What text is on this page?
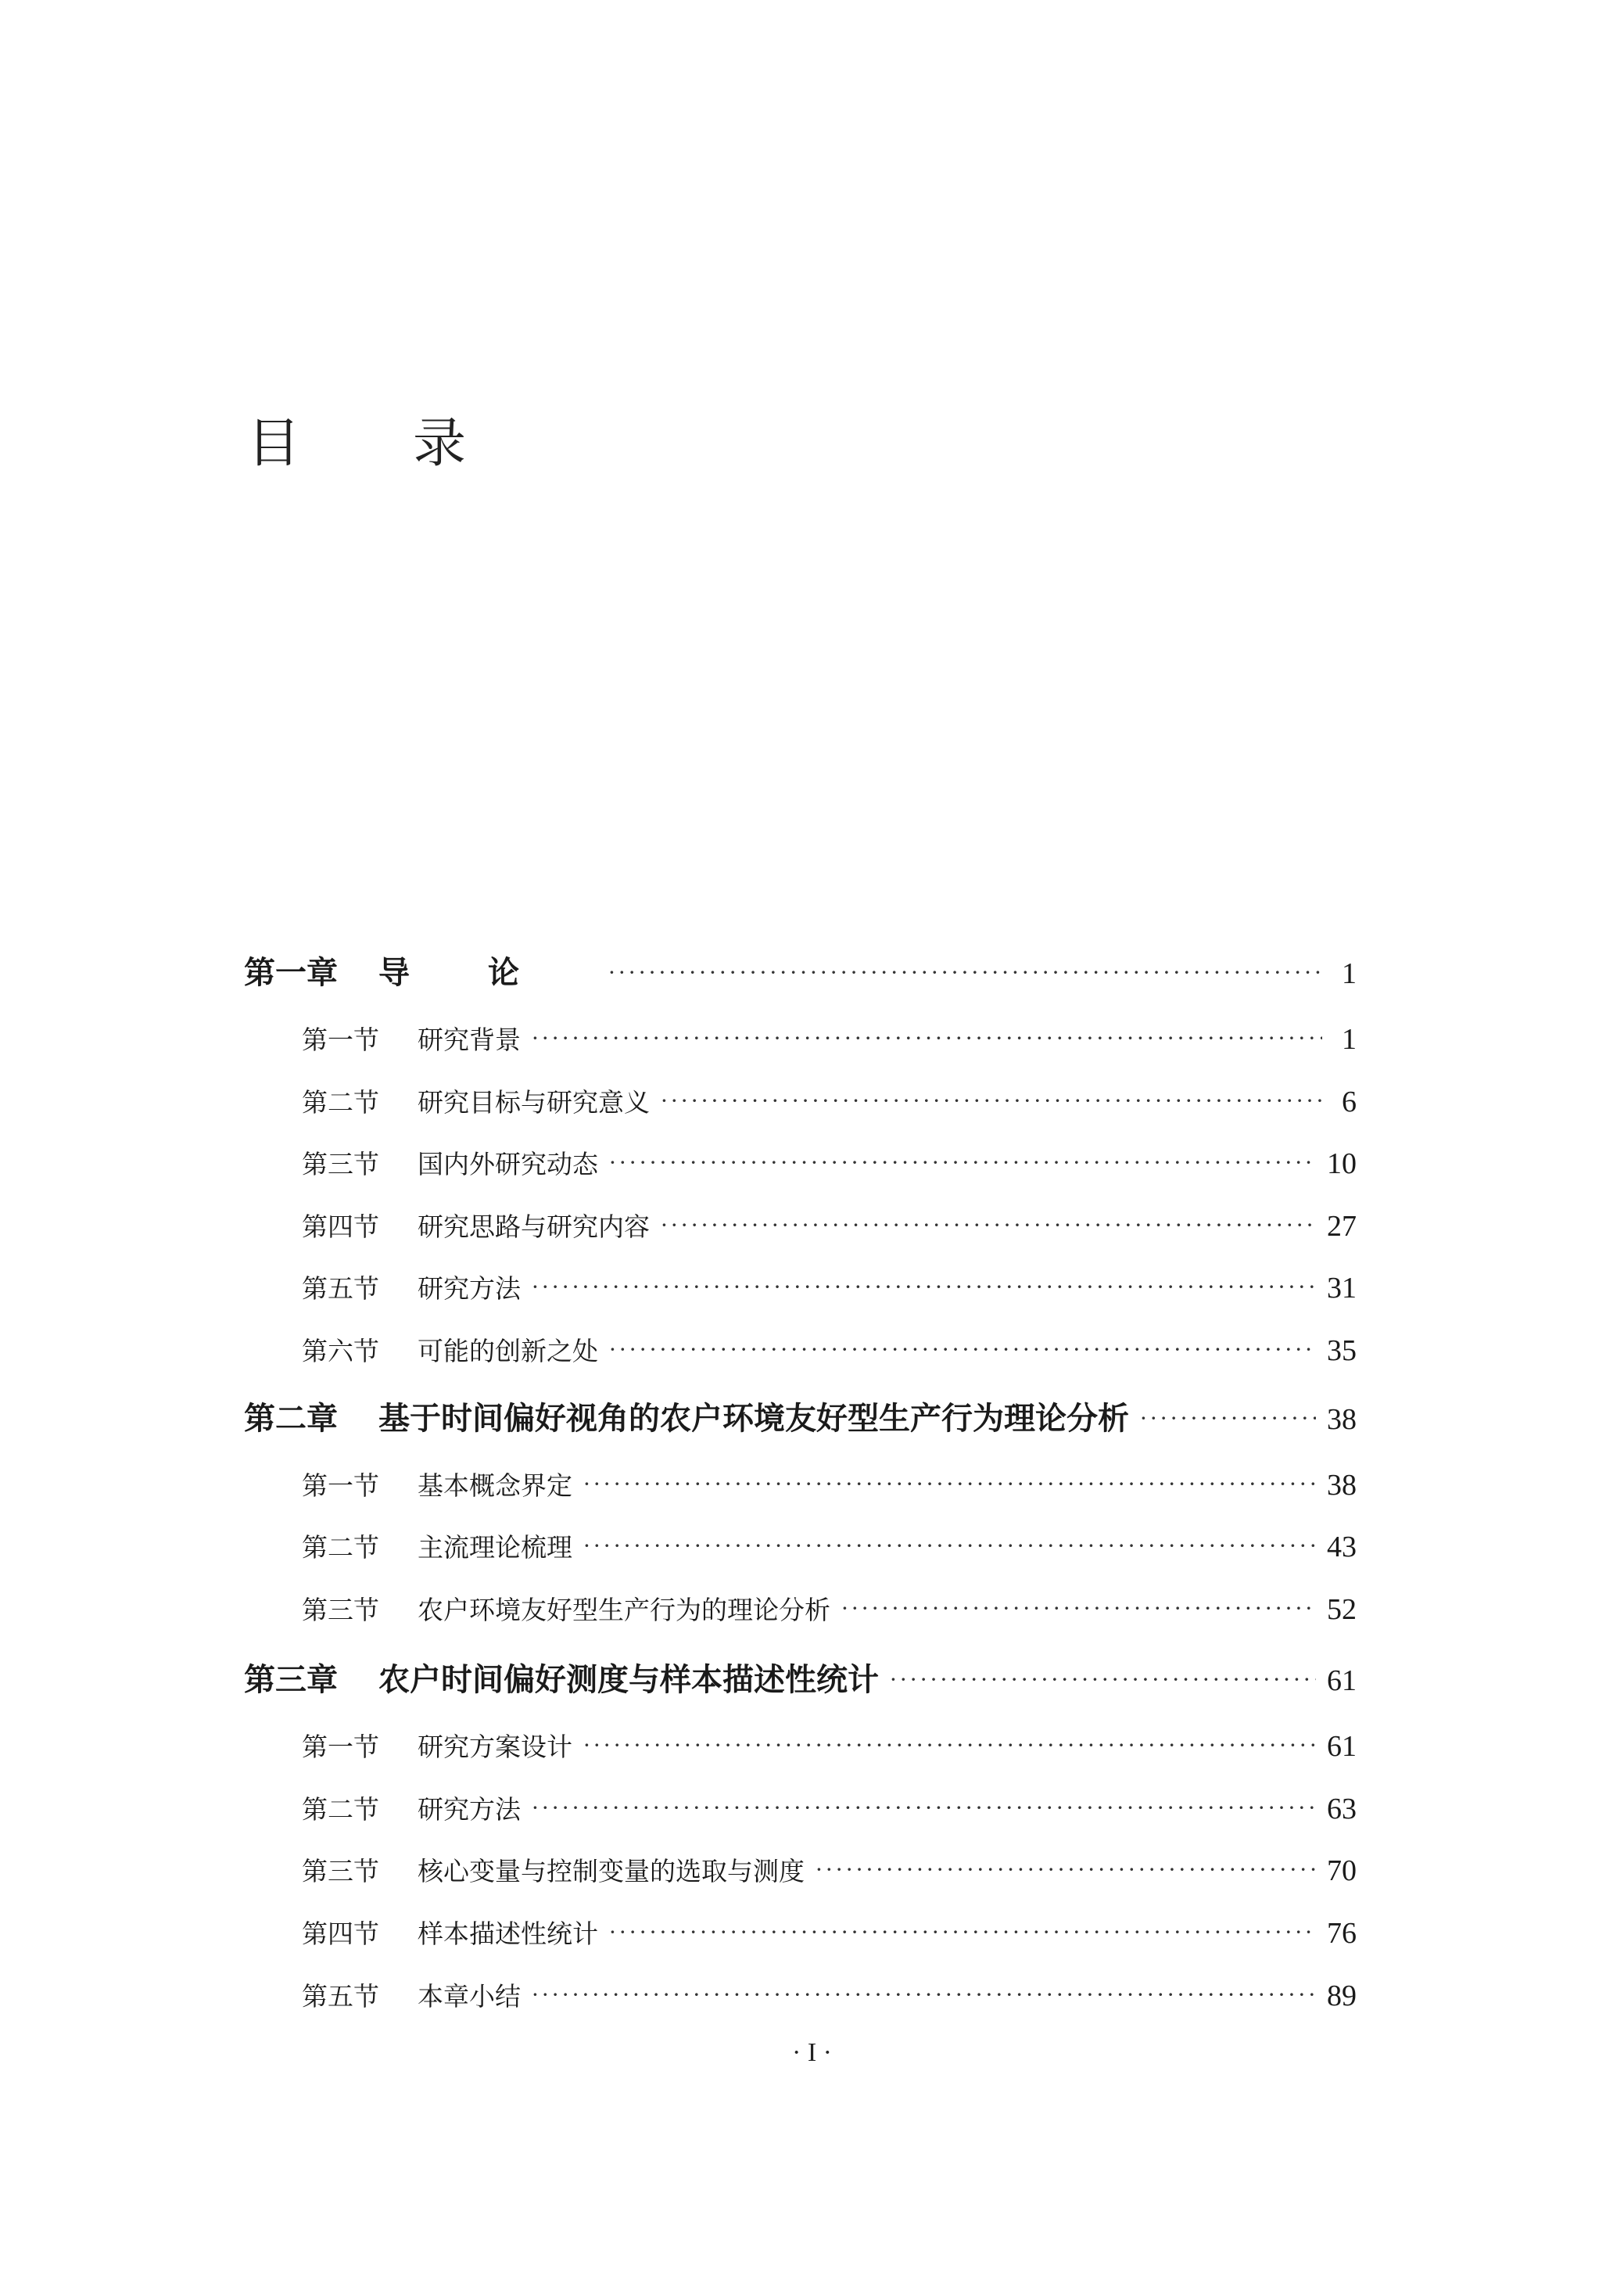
目 录
第一章	导论 ·····	1
第一节	研究背景 ·····	1
第二节	研究目标与研究意义 ·····	6
第三节	国内外研究动态 ·····	10
第四节	研究思路与研究内容 ·····	27
第五节	研究方法 ·····	31
第六节	可能的创新之处 ·····	35
第二章	基于时间偏好视角的农户环境友好型生产行为理论分析 ·····	38
第一节	基本概念界定 ·····	38
第二节	主流理论梳理 ·····	43
第三节	农户环境友好型生产行为的理论分析 ·····	52
第三章	农户时间偏好测度与样本描述性统计 ·····	61
第一节	研究方案设计 ·····	61
第二节	研究方法 ·····	63
第三节	核心变量与控制变量的选取与测度 ·····	70
第四节	样本描述性统计 ·····	76
第五节	本章小结 ·····	89
· I ·
